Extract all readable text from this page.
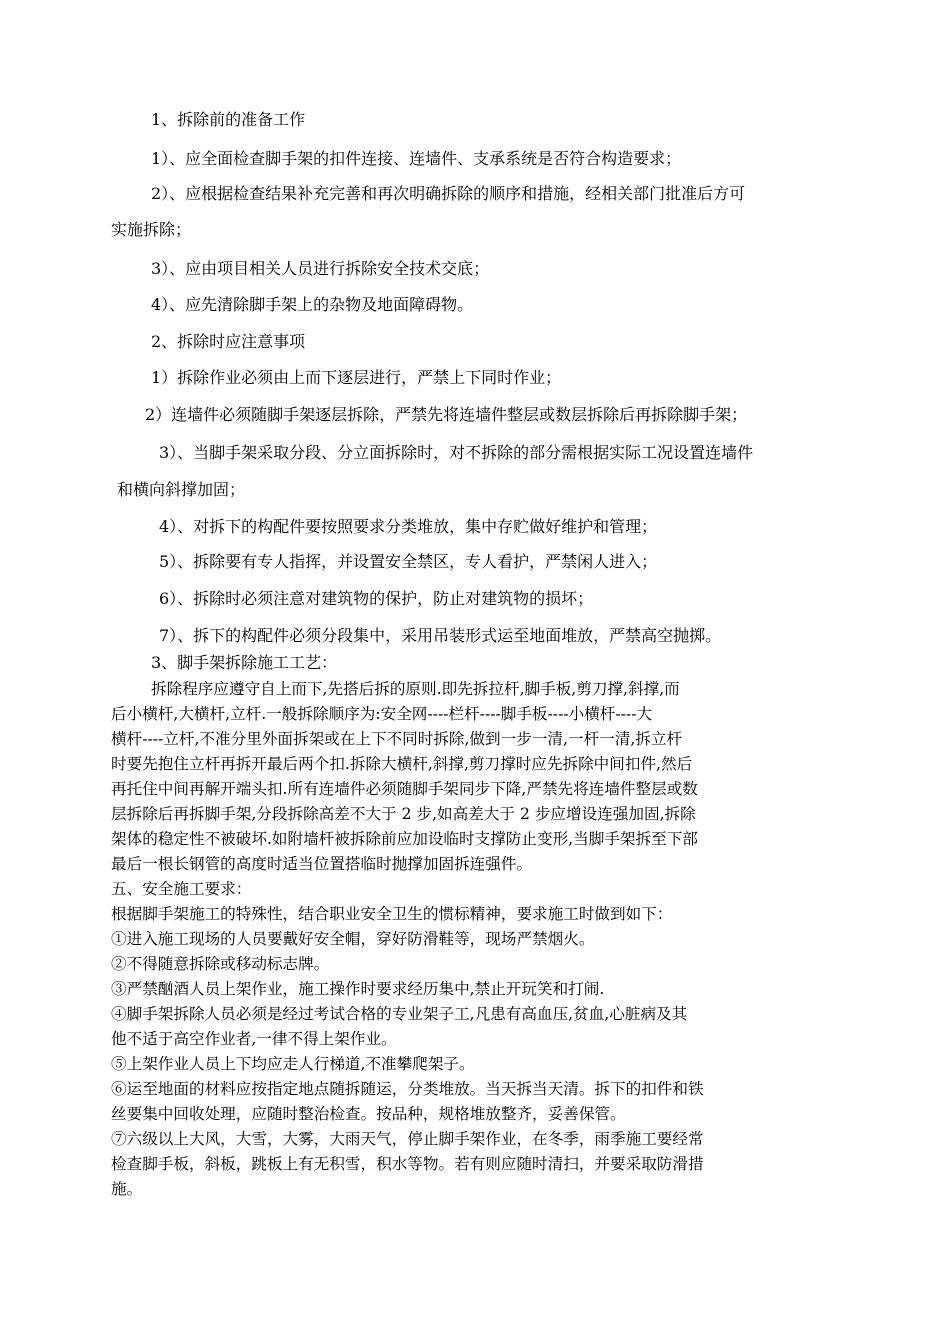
1、拆除前的准备工作
1）、应全面检查脚手架的扣件连接、连墙件、支承系统是否符合构造要求；
2）、应根据检查结果补充完善和再次明确拆除的顺序和措施，经相关部门批准后方可
实施拆除；
3）、应由项目相关人员进行拆除安全技术交底；
4）、应先清除脚手架上的杂物及地面障碍物。
2、拆除时应注意事项
1）拆除作业必须由上而下逐层进行，严禁上下同时作业；
2）连墙件必须随脚手架逐层拆除，严禁先将连墙件整层或数层拆除后再拆除脚手架；
3）、当脚手架采取分段、分立面拆除时，对不拆除的部分需根据实际工况设置连墙件
和横向斜撑加固；
4）、对拆下的构配件要按照要求分类堆放，集中存贮做好维护和管理；
5）、拆除要有专人指挥，并设置安全禁区，专人看护，严禁闲人进入；
6）、拆除时必须注意对建筑物的保护，防止对建筑物的损坏；
7）、拆下的构配件必须分段集中，采用吊装形式运至地面堆放，严禁高空抛掷。
3、脚手架拆除施工工艺：
拆除程序应遵守自上而下,先搭后拆的原则.即先拆拉杆,脚手板,剪刀撑,斜撑,而
后小横杆,大横杆,立杆.一般拆除顺序为:安全网----栏杆----脚手板----小横杆----大
横杆----立杆,不准分里外面拆架或在上下不同时拆除,做到一步一清,一杆一清,拆立杆
时要先抱住立杆再拆开最后两个扣.拆除大横杆,斜撑,剪刀撑时应先拆除中间扣件,然后
再托住中间再解开端头扣.所有连墙件必须随脚手架同步下降,严禁先将连墙件整层或数
层拆除后再拆脚手架,分段拆除高差不大于 2 步,如高差大于 2 步应增设连强加固,拆除
架体的稳定性不被破坏.如附墙杆被拆除前应加设临时支撑防止变形,当脚手架拆至下部
最后一根长钢管的高度时适当位置搭临时抛撑加固拆连强件。
五、安全施工要求：
根据脚手架施工的特殊性，结合职业安全卫生的惯标精神，要求施工时做到如下：
①进入施工现场的人员要戴好安全帽，穿好防滑鞋等，现场严禁烟火。
②不得随意拆除或移动标志牌。
③严禁酗酒人员上架作业，施工操作时要求经历集中,禁止开玩笑和打闹.
④脚手架拆除人员必须是经过考试合格的专业架子工,凡患有高血压,贫血,心脏病及其
他不适于高空作业者,一律不得上架作业。
⑤上架作业人员上下均应走人行梯道,不准攀爬架子。
⑥运至地面的材料应按指定地点随拆随运，分类堆放。当天拆当天清。拆下的扣件和铁
丝要集中回收处理，应随时整治检查。按品种，规格堆放整齐，妥善保管。
⑦六级以上大风，大雪，大雾，大雨天气，停止脚手架作业，在冬季，雨季施工要经常
检查脚手板，斜板，跳板上有无积雪，积水等物。若有则应随时清扫，并要采取防滑措
施。
